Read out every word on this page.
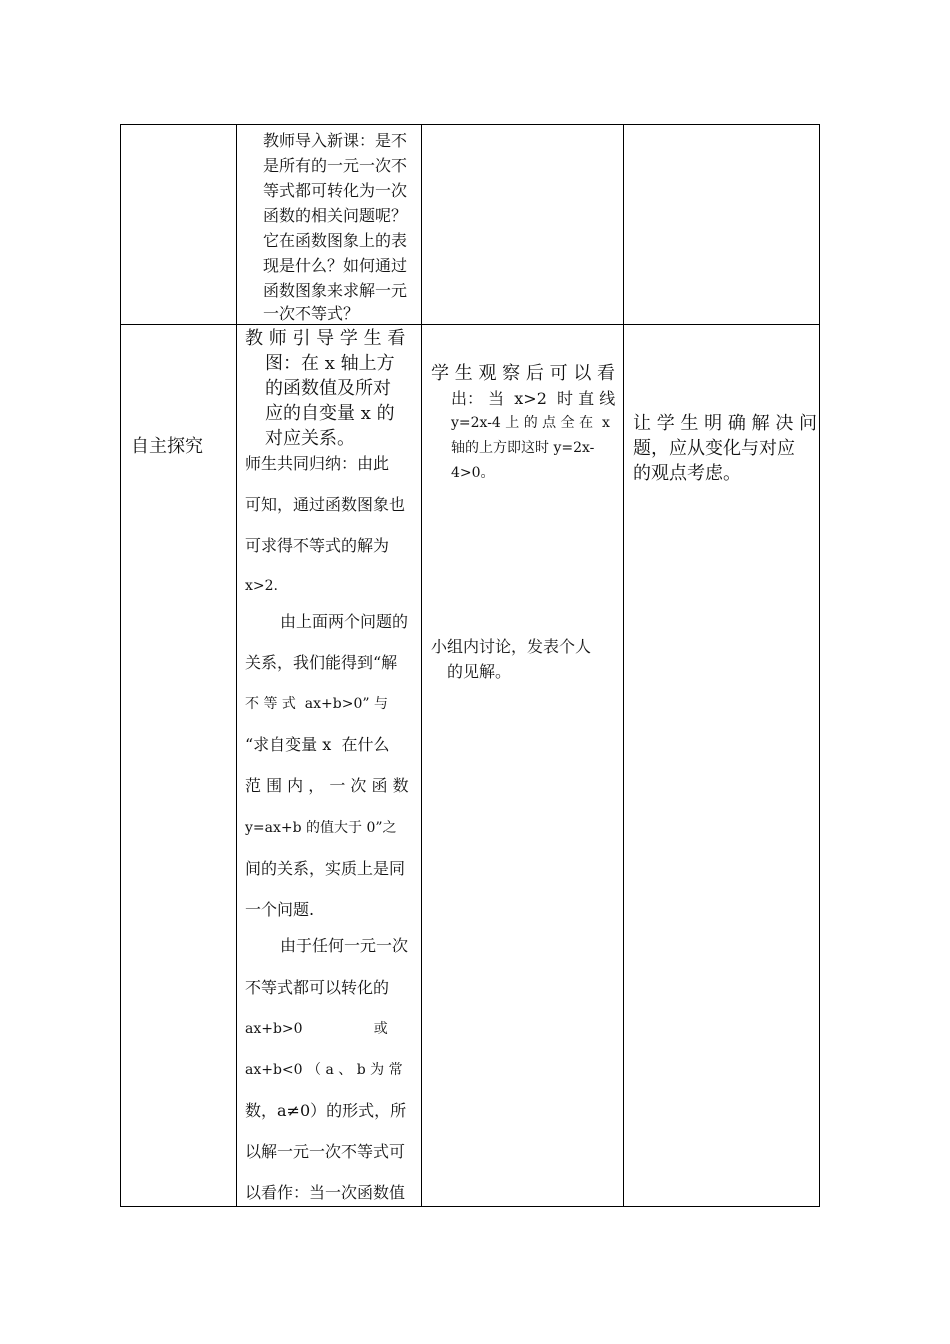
教师导入新课：是不
是所有的一元一次不
等式都可转化为一次
函数的相关问题呢？
它在函数图象上的表
现是什么？如何通过
函数图象来求解一元
一次不等式？
自主探究
教 师 引 导 学 生 看
图：在 x 轴上方
的函数值及所对
应的自变量 x 的
对应关系。
师生共同归纳：由此
可知，通过函数图象也
可求得不等式的解为
x>2.
由上面两个问题的
关系，我们能得到“解
不 等 式  ax+b>0” 与
“求自变量 x  在什么
范 围 内 ， 一 次 函 数
y=ax+b 的值大于 0”之
间的关系，实质上是同
一个问题.
由于任何一元一次
不等式都可以转化的
ax+b>0                或
ax+b<0 （ a 、 b 为 常
数，a≠0）的形式，所
以解一元一次不等式可
以看作：当一次函数值
学 生 观 察 后 可 以 看
出： 当  x>2  时 直 线
y=2x-4 上 的 点 全 在  x
轴的上方即这时 y=2x-
4>0。
小组内讨论，发表个人
的见解。
让 学 生 明 确 解 决 问
题，应从变化与对应
的观点考虑。
